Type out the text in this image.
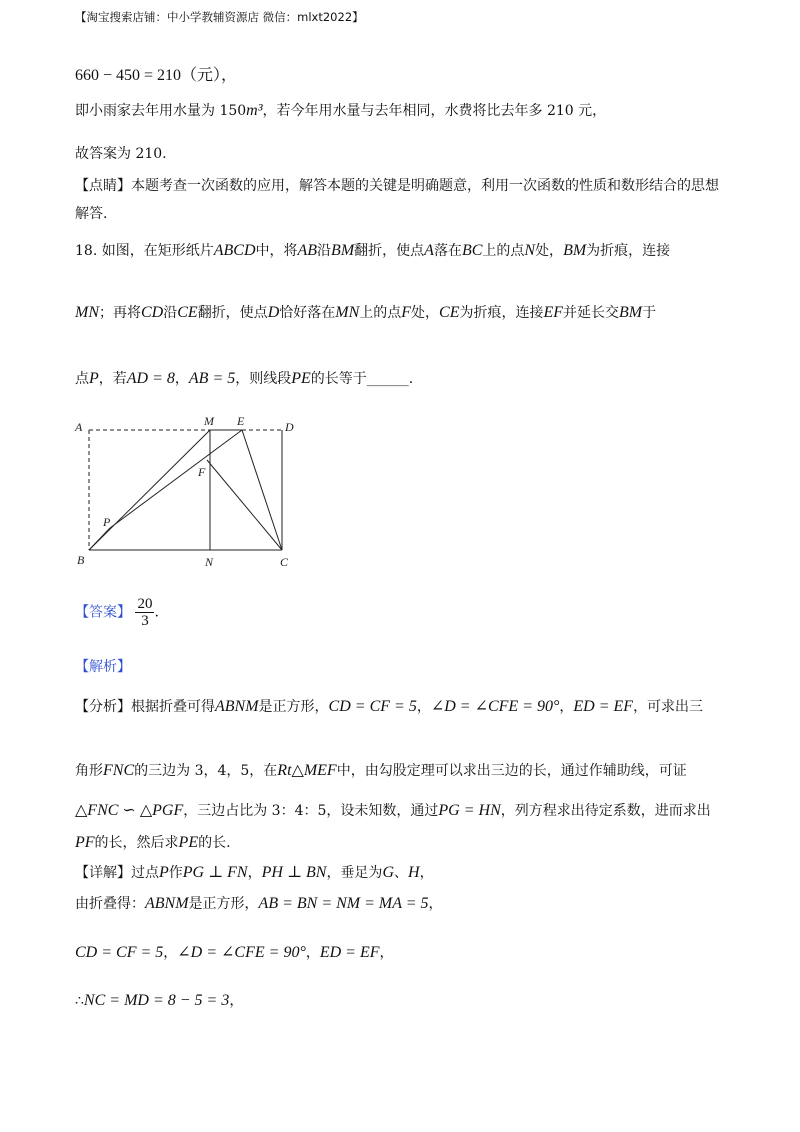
【淘宝搜索店铺：中小学教辅资源店 微信：mlxt2022】
660 − 450 = 210（元），
即小雨家去年用水量为 150m³，若今年用水量与去年相同，水费将比去年多 210 元，
故答案为 210.
【点睛】本题考查一次函数的应用，解答本题的关键是明确题意，利用一次函数的性质和数形结合的思想
解答.
18. 如图，在矩形纸片ABCD中，将AB沿BM翻折，使点A落在BC上的点N处，BM为折痕，连接
MN；再将CD沿CE翻折，使点D恰好落在MN上的点F处，CE为折痕，连接EF并延长交BM于
点P，若AD = 8，AB = 5，则线段PE的长等于______.
A	M E	D
F
P
B	N	C
【答案】 $\frac{20}{3}$ .
【解析】
【分析】根据折叠可得ABNM是正方形，CD = CF = 5，∠D = ∠CFE = 90°，ED = EF，可求出三
角形FNC的三边为 3，4，5，在Rt△MEF中，由勾股定理可以求出三边的长，通过作辅助线，可证
△FNC ∽ △PGF，三边占比为 3：4：5，设未知数，通过PG = HN，列方程求出待定系数，进而求出
PF的长，然后求PE的长.
【详解】过点P作PG ⊥ FN，PH ⊥ BN，垂足为G、H，
由折叠得：ABNM是正方形，AB = BN = NM = MA = 5，
CD = CF = 5，∠D = ∠CFE = 90°，ED = EF，
∴NC = MD = 8 − 5 = 3，
